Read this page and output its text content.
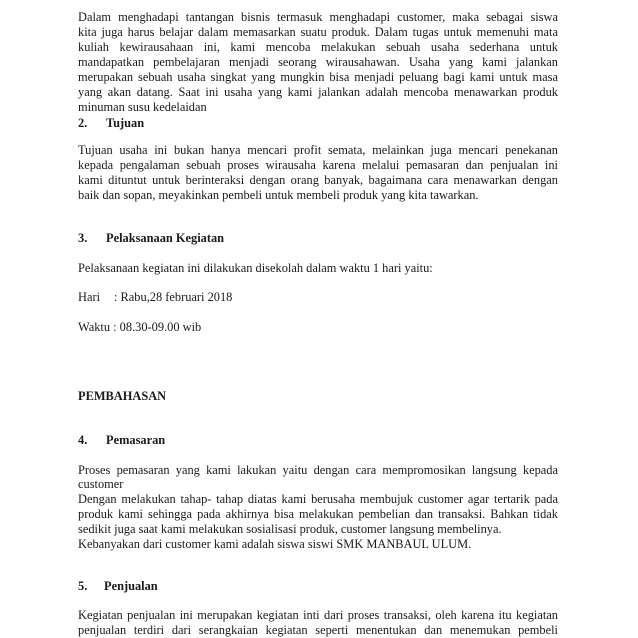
Dalam menghadapi tantangan bisnis termasuk menghadapi customer, maka sebagai siswa
kita juga harus belajar dalam memasarkan suatu produk. Dalam tugas untuk memenuhi mata
kuliah kewirausahaan ini, kami mencoba melakukan sebuah usaha sederhana untuk
mandapatkan pembelajaran menjadi seorang wirausahawan. Usaha yang kami jalankan
merupakan sebuah usaha singkat yang mungkin bisa menjadi peluang bagi kami untuk masa
yang akan datang. Saat ini usaha yang kami jalankan adalah mencoba menawarkan produk
minuman susu kedelaidan
2. Tujuan
Tujuan usaha ini bukan hanya mencari profit semata, melainkan juga mencari penekanan
kepada pengalaman sebuah proses wirausaha karena melalui pemasaran dan penjualan ini
kami dituntut untuk berinteraksi dengan orang banyak, bagaimana cara menawarkan dengan
baik dan sopan, meyakinkan pembeli untuk membeli produk yang kita tawarkan.
3. Pelaksanaan Kegiatan
Pelaksanaan kegiatan ini dilakukan disekolah dalam waktu 1 hari yaitu:
Hari : Rabu,28 februari 2018
Waktu : 08.30-09.00 wib
PEMBAHASAN
4. Pemasaran
Proses pemasaran yang kami lakukan yaitu dengan cara mempromosikan langsung kepada
customer
Dengan melakukan tahap- tahap diatas kami berusaha membujuk customer agar tertarik pada
produk kami sehingga pada akhirnya bisa melakukan pembelian dan transaksi. Bahkan tidak
sedikit juga saat kami melakukan sosialisasi produk, customer langsung membelinya.
Kebanyakan dari customer kami adalah siswa siswi SMK MANBAUL ULUM.
5. Penjualan
Kegiatan penjualan ini merupakan kegiatan inti dari proses transaksi, oleh karena itu kegiatan
penjualan terdiri dari serangkaian kegiatan seperti menentukan dan menemukan pembeli
